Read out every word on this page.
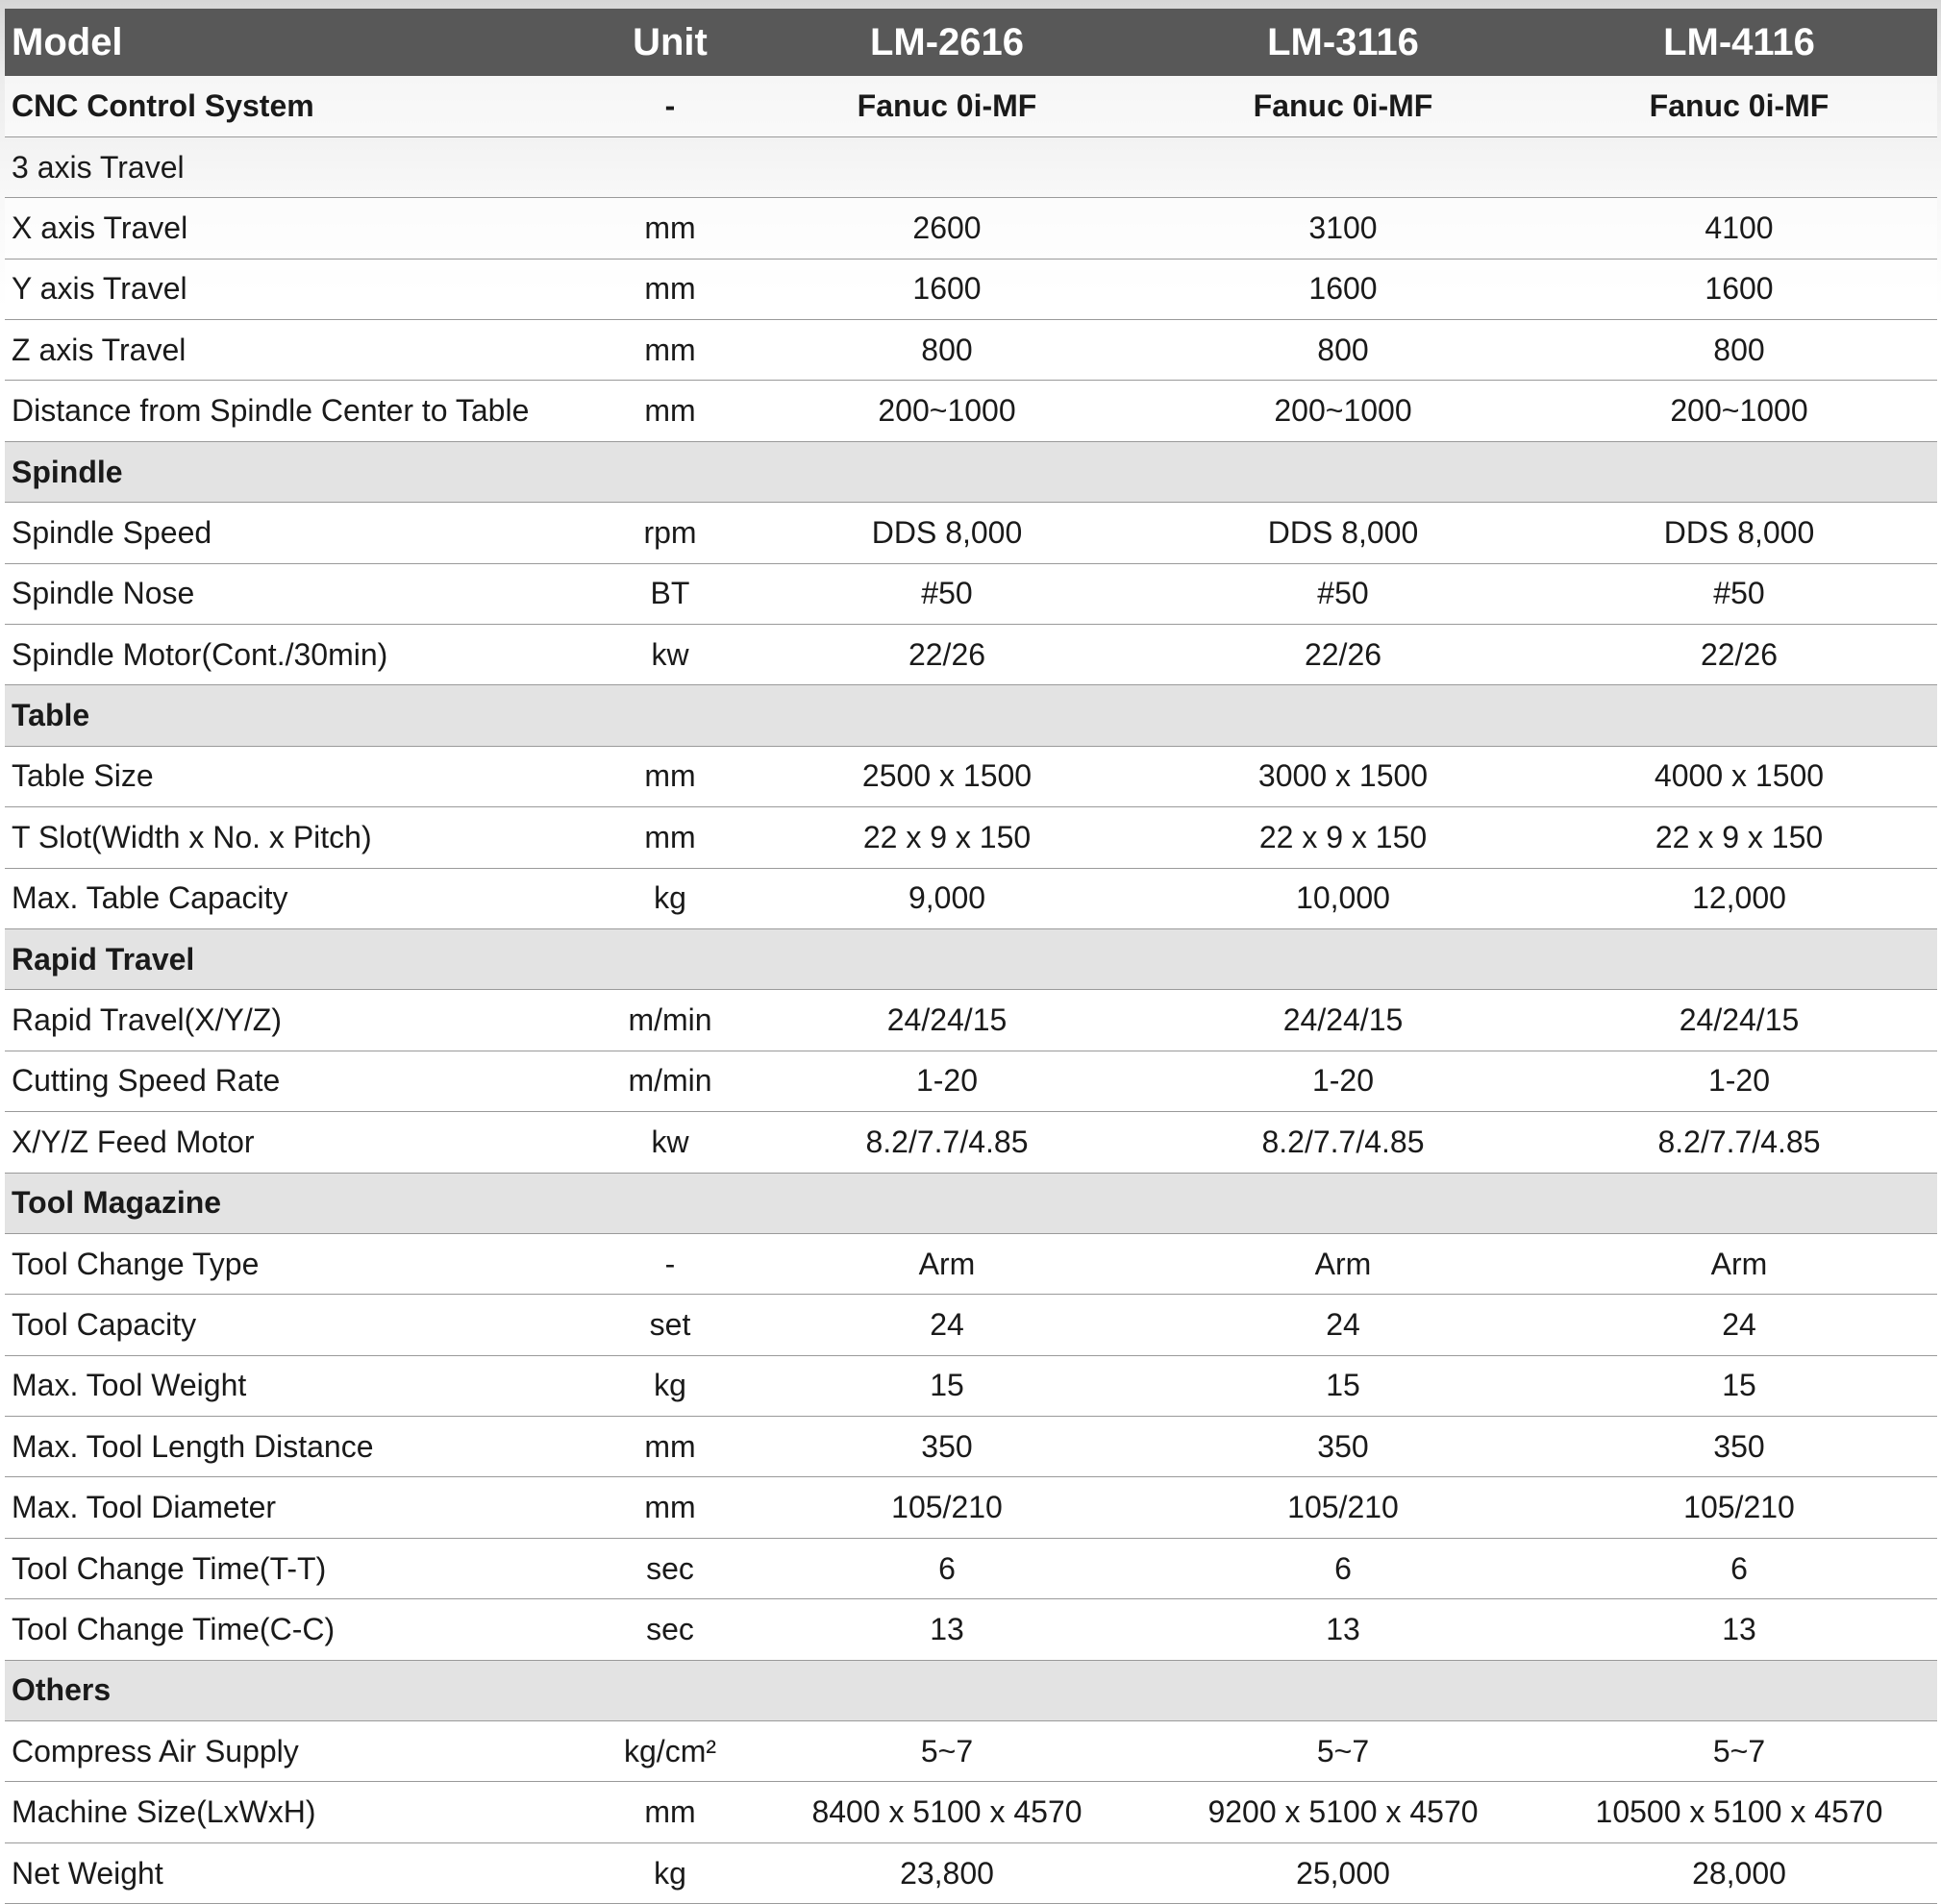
Model	Unit	LM-2616	LM-3116	LM-4116
CNC Control System	-	Fanuc 0i-MF	Fanuc 0i-MF	Fanuc 0i-MF
3 axis Travel				
X axis Travel	mm	2600	3100	4100
Y axis Travel	mm	1600	1600	1600
Z axis Travel	mm	800	800	800
Distance from Spindle Center to Table	mm	200~1000	200~1000	200~1000
Spindle				
Spindle Speed	rpm	DDS 8,000	DDS 8,000	DDS 8,000
Spindle Nose	BT	#50	#50	#50
Spindle Motor(Cont./30min)	kw	22/26	22/26	22/26
Table				
Table Size	mm	2500 x 1500	3000 x 1500	4000 x 1500
T Slot(Width x No. x Pitch)	mm	22 x 9 x 150	22 x 9 x 150	22 x 9 x 150
Max. Table Capacity	kg	9,000	10,000	12,000
Rapid Travel				
Rapid Travel(X/Y/Z)	m/min	24/24/15	24/24/15	24/24/15
Cutting Speed Rate	m/min	1-20	1-20	1-20
X/Y/Z Feed Motor	kw	8.2/7.7/4.85	8.2/7.7/4.85	8.2/7.7/4.85
Tool Magazine				
Tool Change Type	-	Arm	Arm	Arm
Tool Capacity	set	24	24	24
Max. Tool Weight	kg	15	15	15
Max. Tool Length Distance	mm	350	350	350
Max. Tool Diameter	mm	105/210	105/210	105/210
Tool Change Time(T-T)	sec	6	6	6
Tool Change Time(C-C)	sec	13	13	13
Others				
Compress Air Supply	kg/cm²	5~7	5~7	5~7
Machine Size(LxWxH)	mm	8400 x 5100 x 4570	9200 x 5100 x 4570	10500 x 5100 x 4570
Net Weight	kg	23,800	25,000	28,000
